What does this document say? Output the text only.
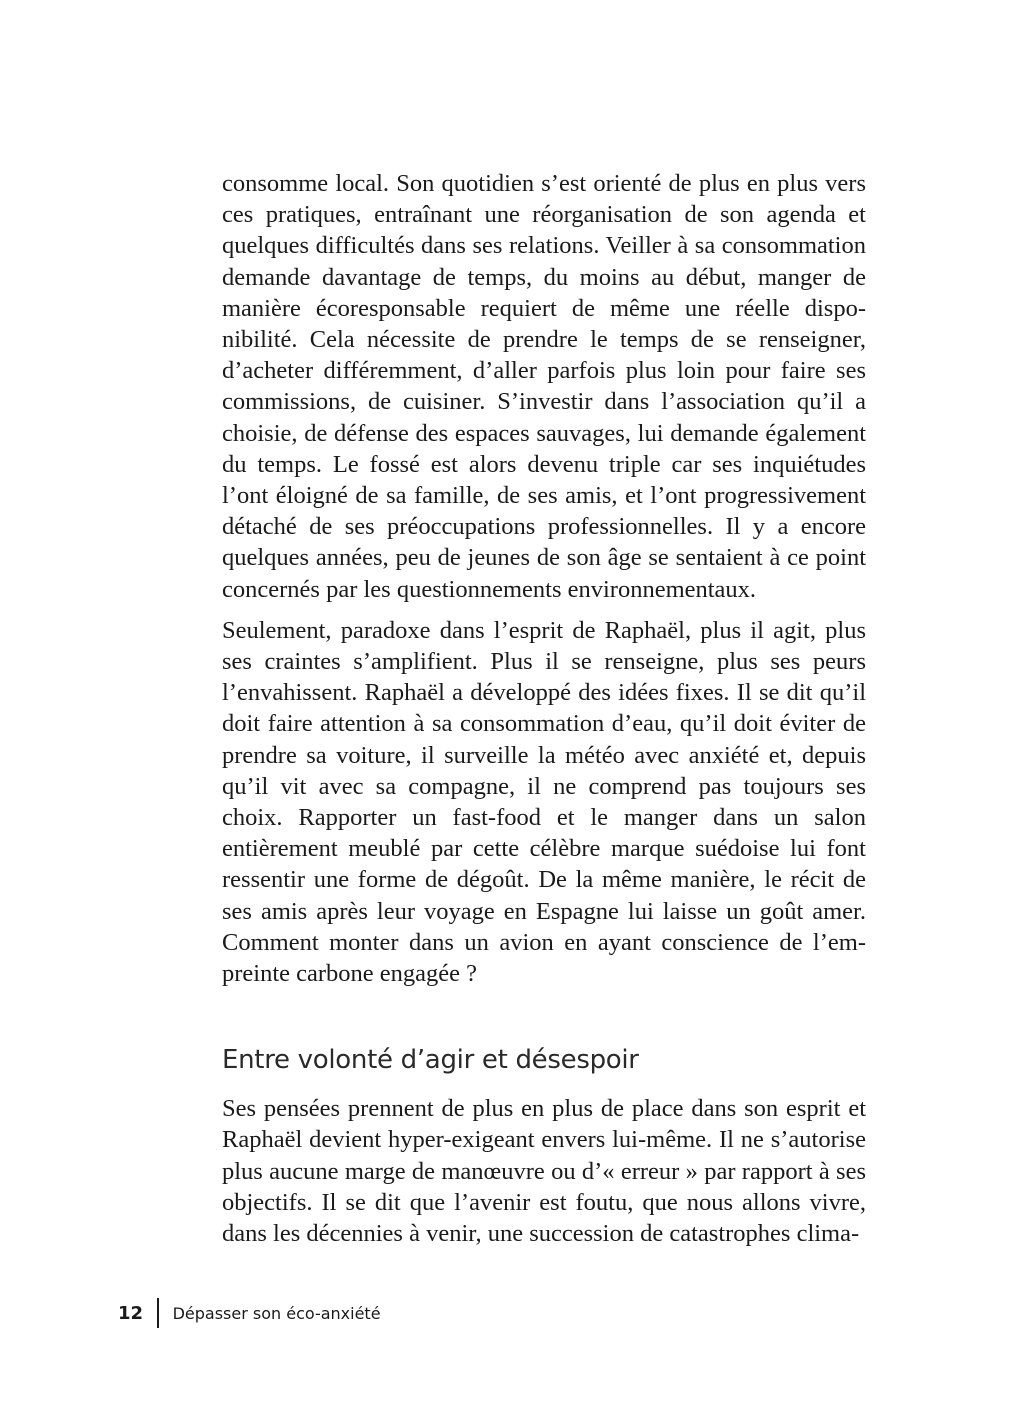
consomme local. Son quotidien s’est orienté de plus en plus vers ces pratiques, entraînant une réorganisation de son agenda et quelques difficultés dans ses relations. Veiller à sa consommation demande davantage de temps, du moins au début, manger de manière écoresponsable requiert de même une réelle disponibilité. Cela nécessite de prendre le temps de se renseigner, d’acheter différemment, d’aller parfois plus loin pour faire ses commissions, de cuisiner. S’investir dans l’association qu’il a choisie, de défense des espaces sauvages, lui demande également du temps. Le fossé est alors devenu triple car ses inquiétudes l’ont éloigné de sa famille, de ses amis, et l’ont progressivement détaché de ses préoccupations professionnelles. Il y a encore quelques années, peu de jeunes de son âge se sentaient à ce point concernés par les questionnements environnementaux.

Seulement, paradoxe dans l’esprit de Raphaël, plus il agit, plus ses craintes s’amplifient. Plus il se renseigne, plus ses peurs l’envahissent. Raphaël a développé des idées fixes. Il se dit qu’il doit faire attention à sa consommation d’eau, qu’il doit éviter de prendre sa voiture, il surveille la météo avec anxiété et, depuis qu’il vit avec sa compagne, il ne comprend pas toujours ses choix. Rapporter un fast-food et le manger dans un salon entièrement meublé par cette célèbre marque suédoise lui font ressentir une forme de dégoût. De la même manière, le récit de ses amis après leur voyage en Espagne lui laisse un goût amer. Comment monter dans un avion en ayant conscience de l’empreinte carbone engagée ?

Entre volonté d’agir et désespoir

Ses pensées prennent de plus en plus de place dans son esprit et Raphaël devient hyper-exigeant envers lui-même. Il ne s’autorise plus aucune marge de manœuvre ou d’« erreur » par rapport à ses objectifs. Il se dit que l’avenir est foutu, que nous allons vivre, dans les décennies à venir, une succession de catastrophes clima-

12	Dépasser son éco-anxiété
